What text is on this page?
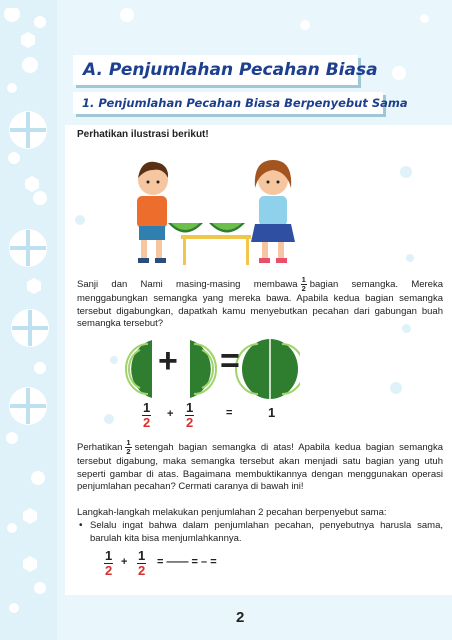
A. Penjumlahan Pecahan Biasa
1. Penjumlahan Pecahan Biasa Berpenyebut Sama
Perhatikan ilustrasi berikut!

Sanji dan Nami masing-masing membawa $\frac{1}{2}$ bagian semangka. Mereka menggabungkan semangka yang mereka bawa. Apabila kedua bagian semangka tersebut digabungkan, dapatkah kamu menyebutkan pecahan dari gabungan buah semangka tersebut?

+ =
$\frac{1}{2} + \frac{1}{2}$	=	1

Perhatikan $\frac{1}{2}$ setengah bagian semangka di atas! Apabila kedua bagian semangka tersebut digabung, maka semangka tersebut akan menjadi satu bagian yang utuh seperti gambar di atas. Bagaimana membuktikannya dengan menggunakan operasi penjumlahan pecahan? Cermati caranya di bawah ini!

Langkah-langkah melakukan penjumlahan 2 pecahan berpenyebut sama:

• Selalu ingat bahwa dalam penjumlahan pecahan, penyebutnya harusla sama, barulah kita bisa menjumlahkannya.

$\frac{1}{2} + \frac{1}{2}$ = —— = – =
2
